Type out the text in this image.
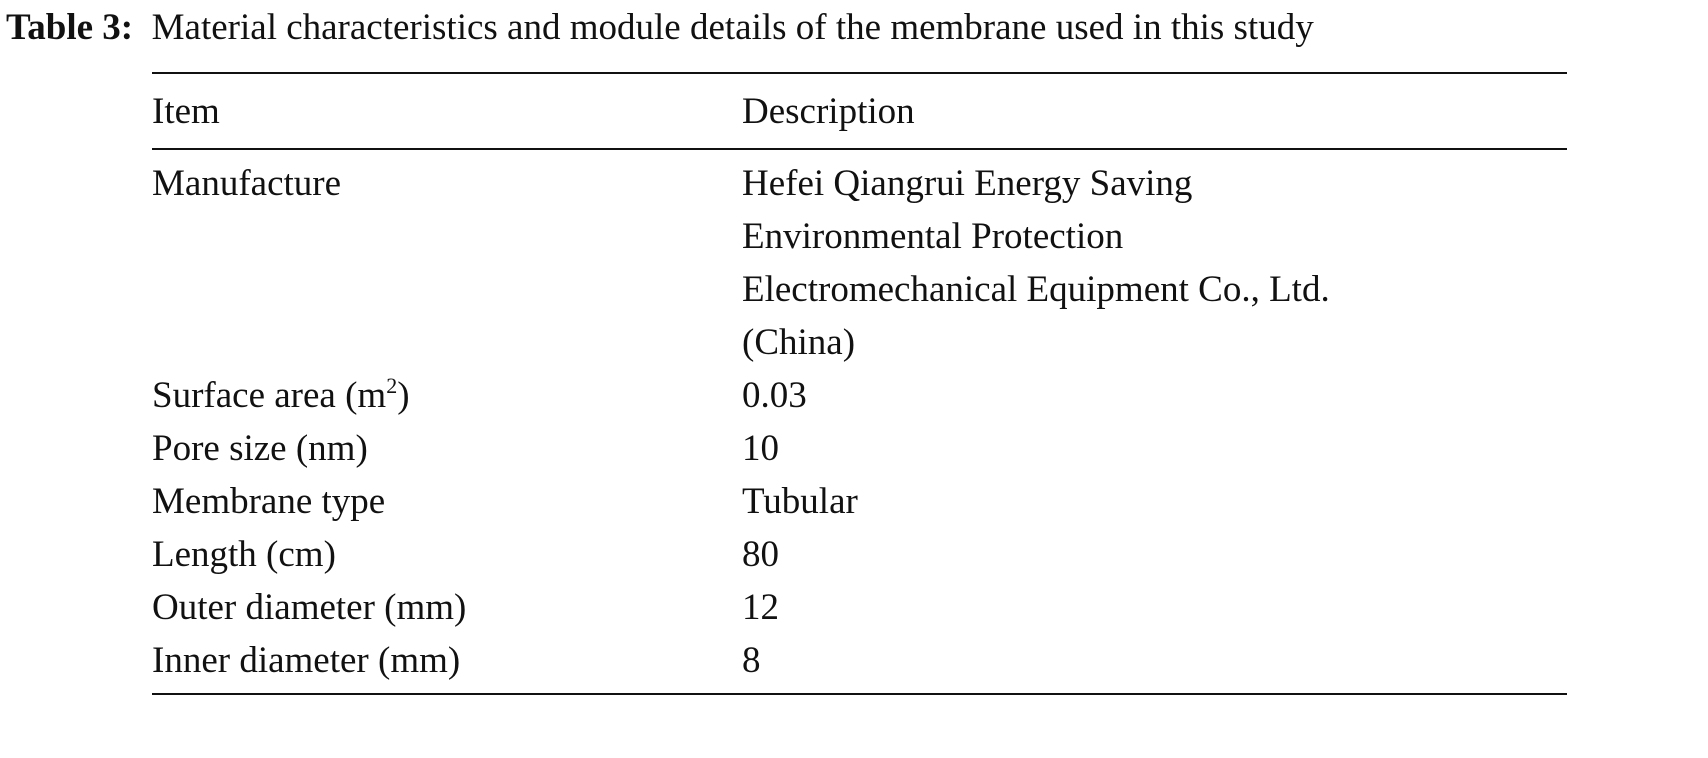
Table 3: Material characteristics and module details of the membrane used in this study
Item	Description
Manufacture	Hefei Qiangrui Energy Saving
Environmental Protection
Electromechanical Equipment Co., Ltd.
(China)

Surface area $(m^2)$	0.03
Pore size (nm)	10
Membrane type	Tubular
Length (cm)	80
Outer diameter (mm)	12
Inner diameter (mm)	8
